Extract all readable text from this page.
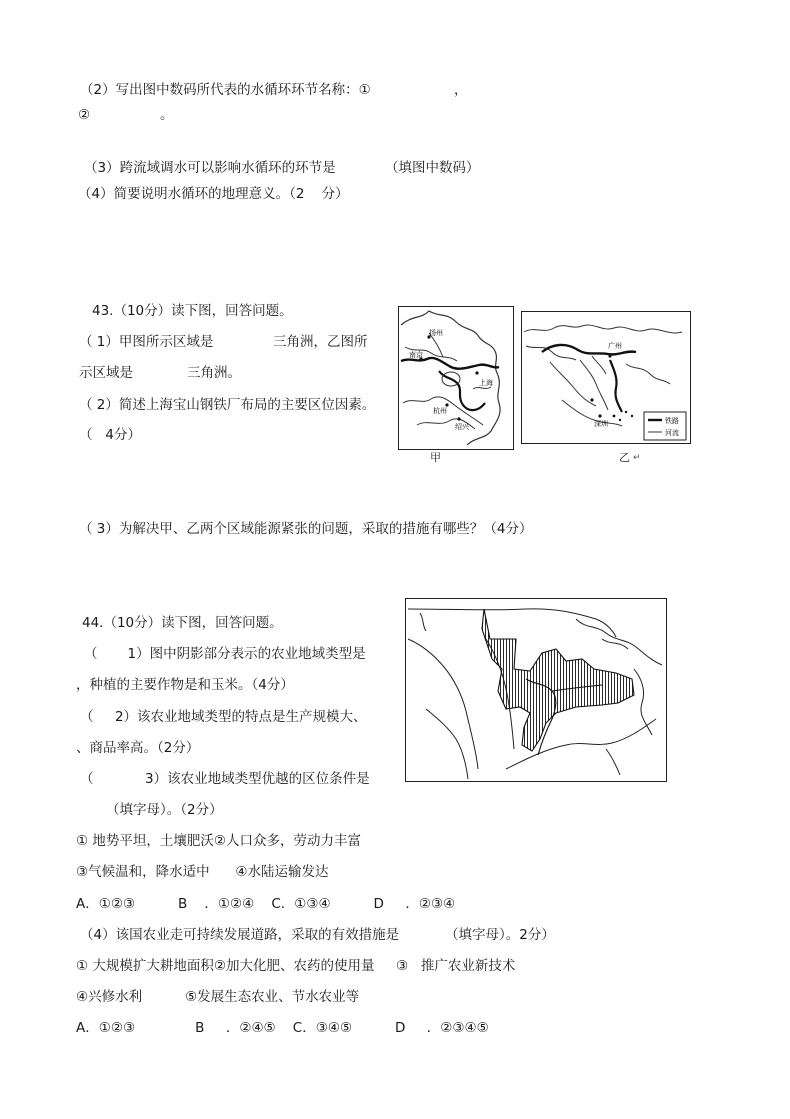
（2）写出图中数码所代表的水循环环节名称：①	，
②	。
（3）跨流域调水可以影响水循环的环节是	（填图中数码）
（4）简要说明水循环的地理意义。（2    分）
43.（10分）读下图，回答问题。
（ 1）甲图所示区域是	三角洲，乙图所
示区域是	三角洲。
（ 2）简述上海宝山钢铁厂布局的主要区位因素。
（   4分）
扬州
南京
上海
杭州
绍兴
甲
广州
深圳	铁路
河流
乙 ↵
（ 3）为解决甲、乙两个区域能源紧张的问题，采取的措施有哪些？（4分）
44.（10分）读下图，回答问题。
（       1）图中阴影部分表示的农业地域类型是
，种植的主要作物是和玉米。（4分）
（     2）该农业地域类型的特点是生产规模大、
、商品率高。（2分）
（            3）该农业地域类型优越的区位条件是
（填字母）。（2分）
① 地势平坦，土壤肥沃②人口众多，劳动力丰富
③气候温和，降水适中      ④水陆运输发达
A．①②③          B    ．①②④    C．①③④          D     ．②③④
（4）该国农业走可持续发展道路，采取的有效措施是	（填字母）。2分）
① 大规模扩大耕地面积②加大化肥、农药的使用量     ③   推广农业新技术
④兴修水利          ⑤发展生态农业、节水农业等
A．①②③              B     ．②④⑤    C．③④⑤          D     ．②③④⑤
